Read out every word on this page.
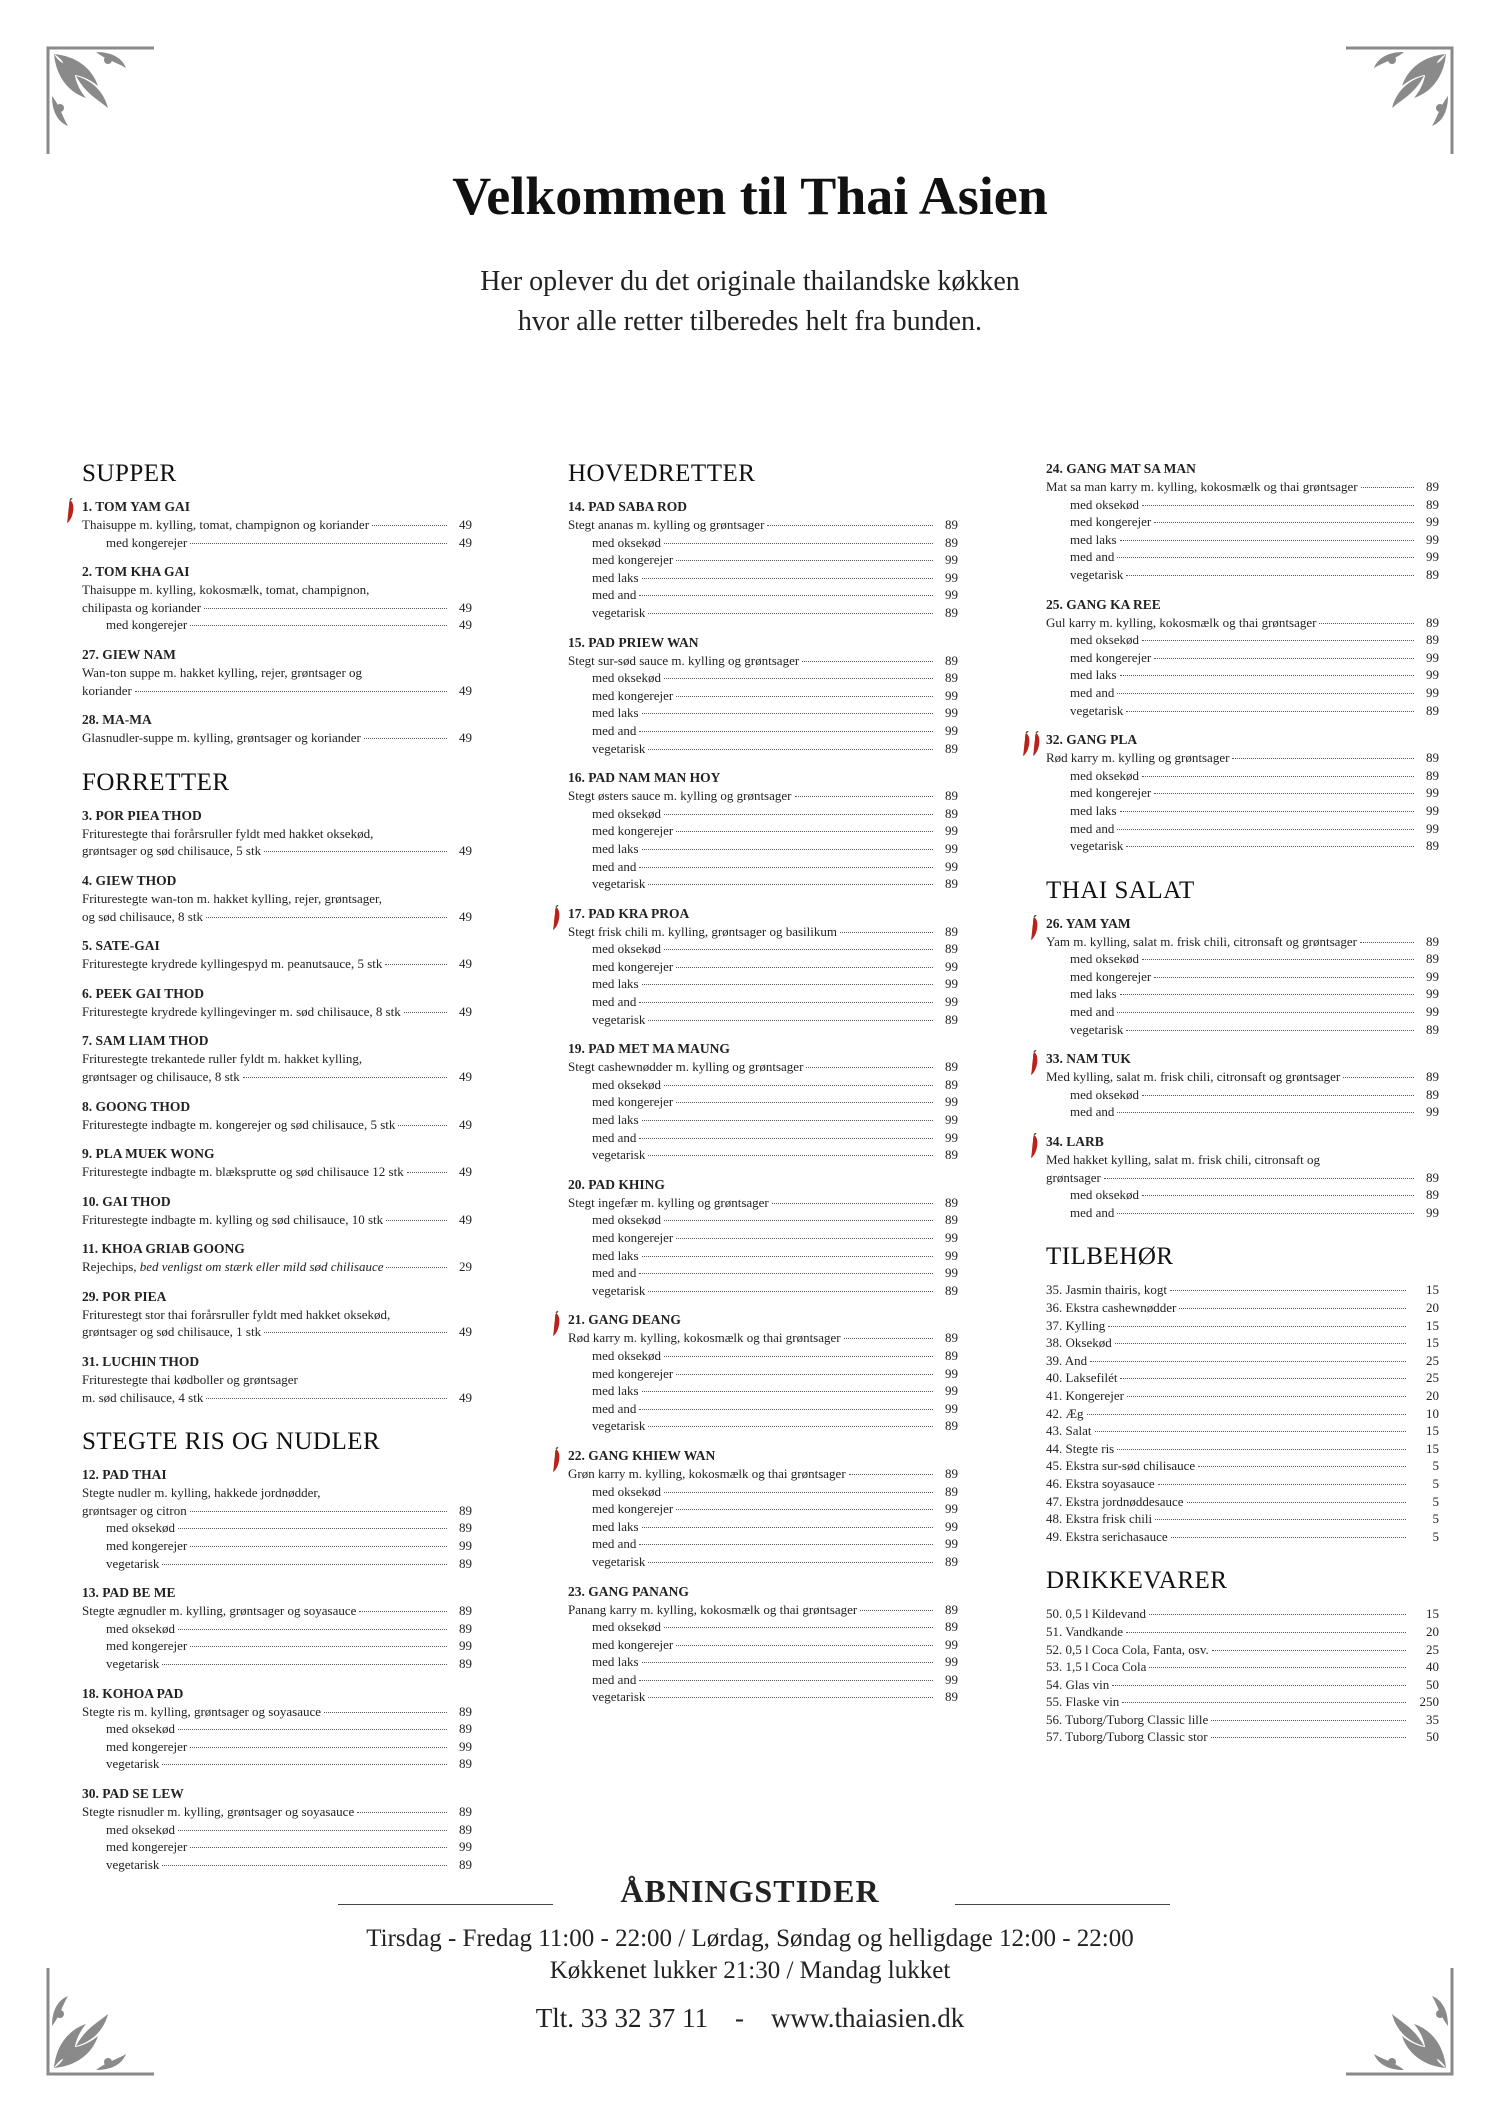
Velkommen til Thai Asien
Her oplever du det originale thailandske køkken
hvor alle retter tilberedes helt fra bunden.
SUPPER
1. TOM YAM GAI
Thaisuppe m. kylling, tomat, champignon og koriander	49
med kongerejer	49
2. TOM KHA GAI
Thaisuppe m. kylling, kokosmælk, tomat, champignon,
chilipasta og koriander	49
med kongerejer	49
27. GIEW NAM
Wan-ton suppe m. hakket kylling, rejer, grøntsager og
koriander	49
28. MA-MA
Glasnudler-suppe m. kylling, grøntsager og koriander	49
FORRETTER
3. POR PIEA THOD
Friturestegte thai forårsruller fyldt med hakket oksekød,
grøntsager og sød chilisauce, 5 stk	49
4. GIEW THOD
Friturestegte wan-ton m. hakket kylling, rejer, grøntsager,
og sød chilisauce, 8 stk	49
5. SATE-GAI
Friturestegte krydrede kyllingespyd m. peanutsauce, 5 stk	49
6. PEEK GAI THOD
Friturestegte krydrede kyllingevinger m. sød chilisauce, 8 stk	49
7. SAM LIAM THOD
Friturestegte trekantede ruller fyldt m. hakket kylling,
grøntsager og chilisauce, 8 stk	49
8. GOONG THOD
Friturestegte indbagte m. kongerejer og sød chilisauce, 5 stk	49
9. PLA MUEK WONG
Friturestegte indbagte m. blæksprutte og sød chilisauce 12 stk	49
10. GAI THOD
Friturestegte indbagte m. kylling og sød chilisauce, 10 stk	49
11. KHOA GRIAB GOONG
Rejechips, bed venligst om stærk eller mild sød chilisauce	29
29. POR PIEA
Friturestegt stor thai forårsruller fyldt med hakket oksekød,
grøntsager og sød chilisauce, 1 stk	49
31. LUCHIN THOD
Friturestegte thai kødboller og grøntsager
m. sød chilisauce, 4 stk	49
STEGTE RIS OG NUDLER
12. PAD THAI
Stegte nudler m. kylling, hakkede jordnødder,
grøntsager og citron	89
med oksekød	89
med kongerejer	99
vegetarisk	89
13. PAD BE ME
Stegte ægnudler m. kylling, grøntsager og soyasauce	89
med oksekød	89
med kongerejer	99
vegetarisk	89
18. KOHOA PAD
Stegte ris m. kylling, grøntsager og soyasauce	89
med oksekød	89
med kongerejer	99
vegetarisk	89
30. PAD SE LEW
Stegte risnudler m. kylling, grøntsager og soyasauce	89
med oksekød	89
med kongerejer	99
vegetarisk	89
HOVEDRETTER
14. PAD SABA ROD
Stegt ananas m. kylling og grøntsager	89
med oksekød	89
med kongerejer	99
med laks	99
med and	99
vegetarisk	89
15. PAD PRIEW WAN
Stegt sur-sød sauce m. kylling og grøntsager	89
med oksekød	89
med kongerejer	99
med laks	99
med and	99
vegetarisk	89
16. PAD NAM MAN HOY
Stegt østers sauce m. kylling og grøntsager	89
med oksekød	89
med kongerejer	99
med laks	99
med and	99
vegetarisk	89
17. PAD KRA PROA
Stegt frisk chili m. kylling, grøntsager og basilikum	89
med oksekød	89
med kongerejer	99
med laks	99
med and	99
vegetarisk	89
19. PAD MET MA MAUNG
Stegt cashewnødder m. kylling og grøntsager	89
med oksekød	89
med kongerejer	99
med laks	99
med and	99
vegetarisk	89
20. PAD KHING
Stegt ingefær m. kylling og grøntsager	89
med oksekød	89
med kongerejer	99
med laks	99
med and	99
vegetarisk	89
21. GANG DEANG
Rød karry m. kylling, kokosmælk og thai grøntsager	89
med oksekød	89
med kongerejer	99
med laks	99
med and	99
vegetarisk	89
22. GANG KHIEW WAN
Grøn karry m. kylling, kokosmælk og thai grøntsager	89
med oksekød	89
med kongerejer	99
med laks	99
med and	99
vegetarisk	89
23. GANG PANANG
Panang karry m. kylling, kokosmælk og thai grøntsager	89
med oksekød	89
med kongerejer	99
med laks	99
med and	99
vegetarisk	89
24. GANG MAT SA MAN
Mat sa man karry m. kylling, kokosmælk og thai grøntsager	89
med oksekød	89
med kongerejer	99
med laks	99
med and	99
vegetarisk	89
25. GANG KA REE
Gul karry m. kylling, kokosmælk og thai grøntsager	89
med oksekød	89
med kongerejer	99
med laks	99
med and	99
vegetarisk	89
32. GANG PLA
Rød karry m. kylling og grøntsager	89
med oksekød	89
med kongerejer	99
med laks	99
med and	99
vegetarisk	89
THAI SALAT
26. YAM YAM
Yam m. kylling, salat m. frisk chili, citronsaft og grøntsager	89
med oksekød	89
med kongerejer	99
med laks	99
med and	99
vegetarisk	89
33. NAM TUK
Med kylling, salat m. frisk chili, citronsaft og grøntsager	89
med oksekød	89
med and	99
34. LARB
Med hakket kylling, salat m. frisk chili, citronsaft og
grøntsager	89
med oksekød	89
med and	99
TILBEHØR
35. Jasmin thairis, kogt	15
36. Ekstra cashewnødder	20
37. Kylling	15
38. Oksekød	15
39. And	25
40. Laksefilét	25
41. Kongerejer	20
42. Æg	10
43. Salat	15
44. Stegte ris	15
45. Ekstra sur-sød chilisauce	5
46. Ekstra soyasauce	5
47. Ekstra jordnøddesauce	5
48. Ekstra frisk chili	5
49. Ekstra serichasauce	5
DRIKKEVARER
50. 0,5 l Kildevand	15
51. Vandkande	20
52. 0,5 l Coca Cola, Fanta, osv.	25
53. 1,5 l Coca Cola	40
54. Glas vin	50
55. Flaske vin	250
56. Tuborg/Tuborg Classic lille	35
57. Tuborg/Tuborg Classic stor	50
ÅBNINGSTIDER
Tirsdag - Fredag 11:00 - 22:00 / Lørdag, Søndag og helligdage 12:00 - 22:00
Køkkenet lukker 21:30 / Mandag lukket
Tlt. 33 32 37 11 - www.thaiasien.dk
